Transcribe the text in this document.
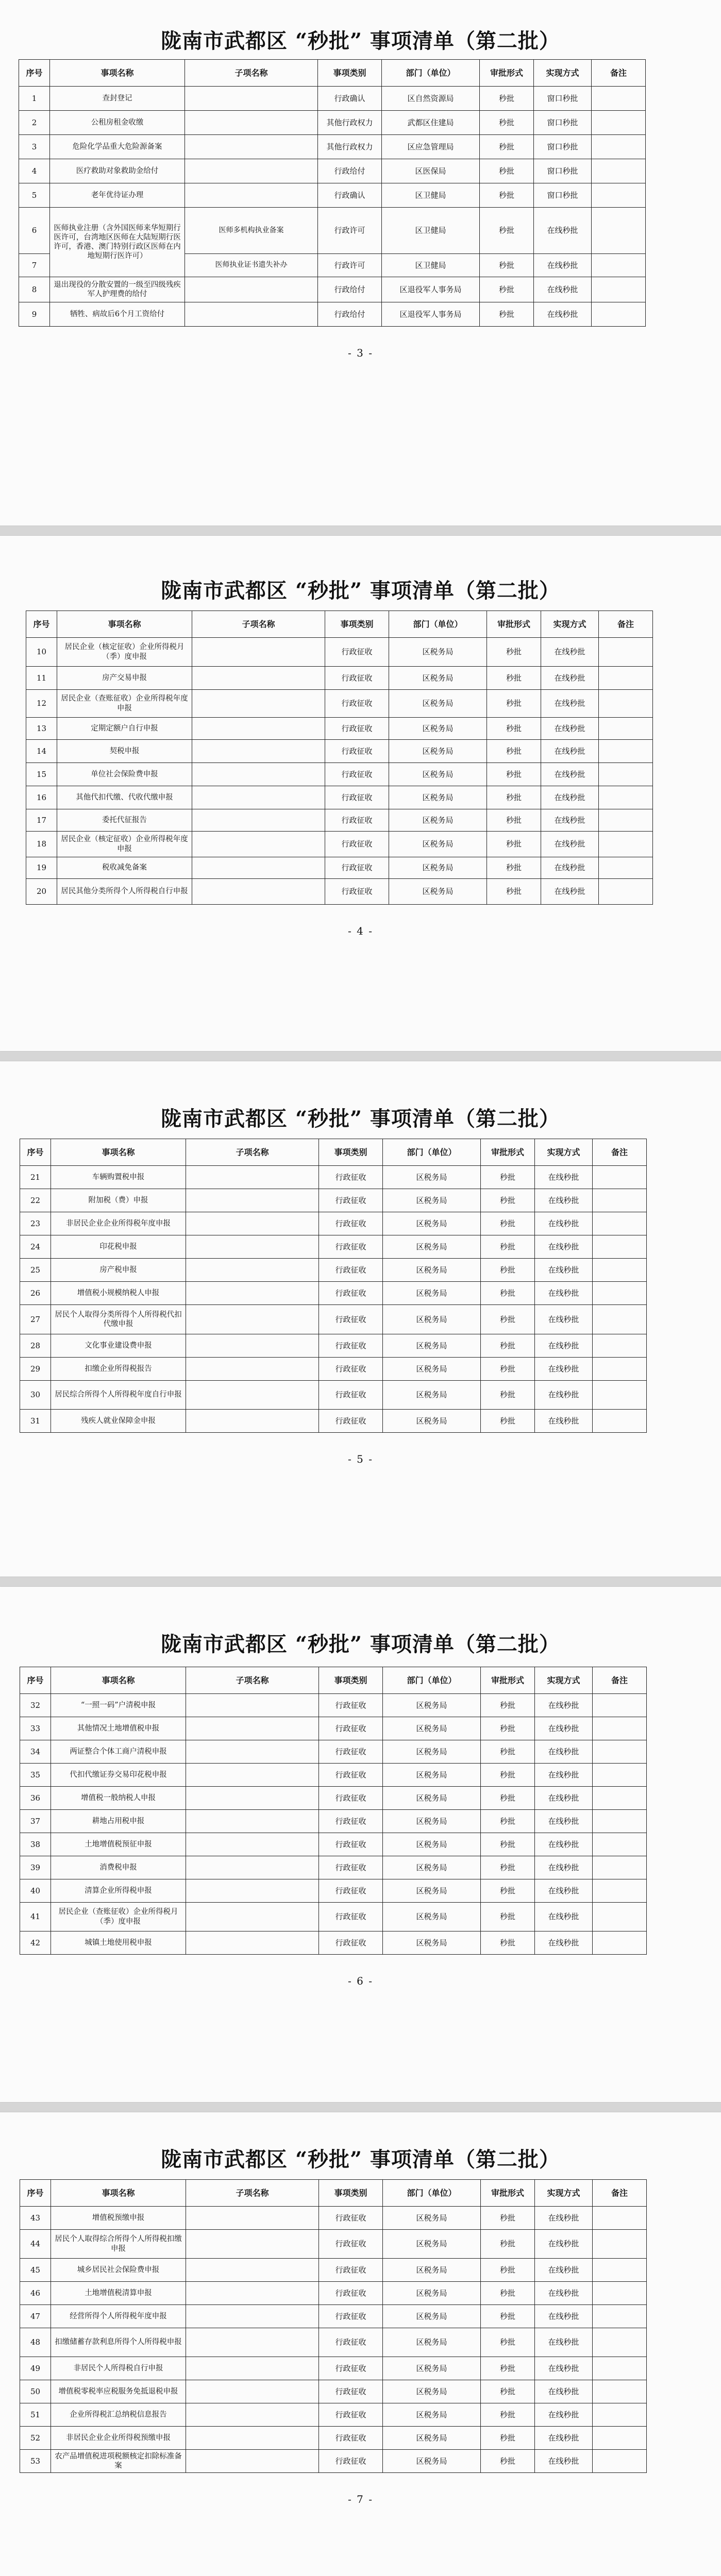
陇南市武都区 “秒批” 事项清单（第二批）
序号	事项名称	子项名称	事项类别	部门（单位）	审批形式	实现方式	备注
1	查封登记		行政确认	区自然资源局	秒批	窗口秒批	
2	公租房租金收缴		其他行政权力	武都区住建局	秒批	窗口秒批	
3	危险化学品重大危险源备案		其他行政权力	区应急管理局	秒批	窗口秒批	
4	医疗救助对象救助金给付		行政给付	区医保局	秒批	窗口秒批	
5	老年优待证办理		行政确认	区卫健局	秒批	窗口秒批	
6	医师执业注册（含外国医师来华短期行医许可，台湾地区医师在大陆短期行医许可，香港、澳门特别行政区医师在内地短期行医许可）	医师多机构执业备案	行政许可	区卫健局	秒批	在线秒批	
7		医师执业证书遗失补办	行政许可	区卫健局	秒批	在线秒批	
8	退出现役的分散安置的一级至四级残疾军人护理费的给付		行政给付	区退役军人事务局	秒批	在线秒批	
9	牺牲、病故后6个月工资给付		行政给付	区退役军人事务局	秒批	在线秒批	
- 3 -
陇南市武都区 “秒批” 事项清单（第二批）
序号	事项名称	子项名称	事项类别	部门（单位）	审批形式	实现方式	备注
10	居民企业（核定征收）企业所得税月（季）度申报		行政征收	区税务局	秒批	在线秒批	
11	房产交易申报		行政征收	区税务局	秒批	在线秒批	
12	居民企业（查账征收）企业所得税年度申报		行政征收	区税务局	秒批	在线秒批	
13	定期定额户自行申报		行政征收	区税务局	秒批	在线秒批	
14	契税申报		行政征收	区税务局	秒批	在线秒批	
15	单位社会保险费申报		行政征收	区税务局	秒批	在线秒批	
16	其他代扣代缴、代收代缴申报		行政征收	区税务局	秒批	在线秒批	
17	委托代征报告		行政征收	区税务局	秒批	在线秒批	
18	居民企业（核定征收）企业所得税年度申报		行政征收	区税务局	秒批	在线秒批	
19	税收减免备案		行政征收	区税务局	秒批	在线秒批	
20	居民其他分类所得个人所得税自行申报		行政征收	区税务局	秒批	在线秒批	
- 4 -
陇南市武都区 “秒批” 事项清单（第二批）
序号	事项名称	子项名称	事项类别	部门（单位）	审批形式	实现方式	备注
21	车辆购置税申报		行政征收	区税务局	秒批	在线秒批	
22	附加税（费）申报		行政征收	区税务局	秒批	在线秒批	
23	非居民企业企业所得税年度申报		行政征收	区税务局	秒批	在线秒批	
24	印花税申报		行政征收	区税务局	秒批	在线秒批	
25	房产税申报		行政征收	区税务局	秒批	在线秒批	
26	增值税小规模纳税人申报		行政征收	区税务局	秒批	在线秒批	
27	居民个人取得分类所得个人所得税代扣代缴申报		行政征收	区税务局	秒批	在线秒批	
28	文化事业建设费申报		行政征收	区税务局	秒批	在线秒批	
29	扣缴企业所得税报告		行政征收	区税务局	秒批	在线秒批	
30	居民综合所得个人所得税年度自行申报		行政征收	区税务局	秒批	在线秒批	
31	残疾人就业保障金申报		行政征收	区税务局	秒批	在线秒批	
- 5 -
陇南市武都区 “秒批” 事项清单（第二批）
序号	事项名称	子项名称	事项类别	部门（单位）	审批形式	实现方式	备注
32	“一照一码”户清税申报		行政征收	区税务局	秒批	在线秒批	
33	其他情况土地增值税申报		行政征收	区税务局	秒批	在线秒批	
34	两证整合个体工商户清税申报		行政征收	区税务局	秒批	在线秒批	
35	代扣代缴证券交易印花税申报		行政征收	区税务局	秒批	在线秒批	
36	增值税一般纳税人申报		行政征收	区税务局	秒批	在线秒批	
37	耕地占用税申报		行政征收	区税务局	秒批	在线秒批	
38	土地增值税预征申报		行政征收	区税务局	秒批	在线秒批	
39	消费税申报		行政征收	区税务局	秒批	在线秒批	
40	清算企业所得税申报		行政征收	区税务局	秒批	在线秒批	
41	居民企业（查账征收）企业所得税月（季）度申报		行政征收	区税务局	秒批	在线秒批	
42	城镇土地使用税申报		行政征收	区税务局	秒批	在线秒批	
- 6 -
陇南市武都区 “秒批” 事项清单（第二批）
序号	事项名称	子项名称	事项类别	部门（单位）	审批形式	实现方式	备注
43	增值税预缴申报		行政征收	区税务局	秒批	在线秒批	
44	居民个人取得综合所得个人所得税扣缴申报		行政征收	区税务局	秒批	在线秒批	
45	城乡居民社会保险费申报		行政征收	区税务局	秒批	在线秒批	
46	土地增值税清算申报		行政征收	区税务局	秒批	在线秒批	
47	经营所得个人所得税年度申报		行政征收	区税务局	秒批	在线秒批	
48	扣缴储蓄存款利息所得个人所得税申报		行政征收	区税务局	秒批	在线秒批	
49	非居民个人所得税自行申报		行政征收	区税务局	秒批	在线秒批	
50	增值税零税率应税服务免抵退税申报		行政征收	区税务局	秒批	在线秒批	
51	企业所得税汇总纳税信息报告		行政征收	区税务局	秒批	在线秒批	
52	非居民企业企业所得税预缴申报		行政征收	区税务局	秒批	在线秒批	
53	农产品增值税进项税额核定扣除标准备案		行政征收	区税务局	秒批	在线秒批	
- 7 -
